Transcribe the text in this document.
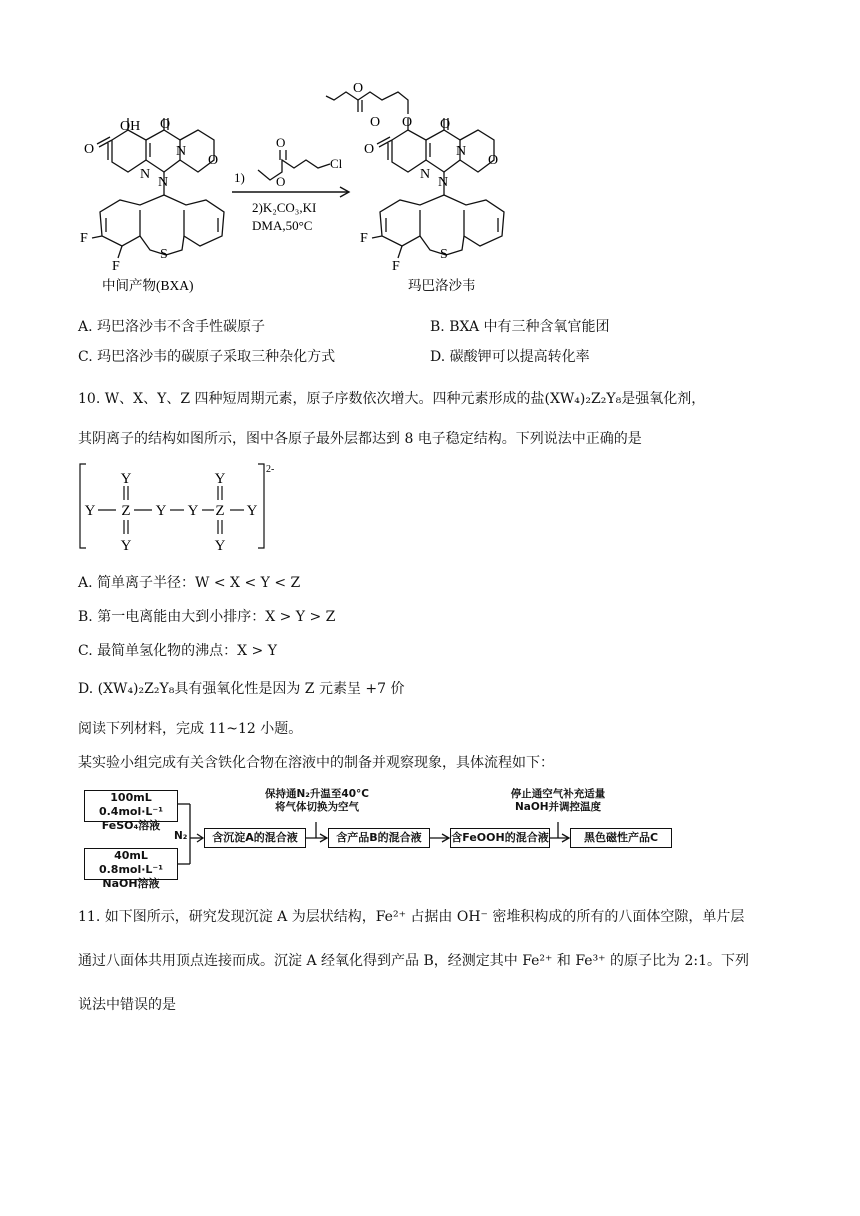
OH O
O	N
N
N
O
F
F
S
1)
O
O
Cl
2)K₂CO₃,KI
DMA,50°C
O
O O O
O	N
N
N
O
F
F
S
中间产物(BXA)	玛巴洛沙韦
A. 玛巴洛沙韦不含手性碳原子	B. BXA 中有三种含氧官能团
C. 玛巴洛沙韦的碳原子采取三种杂化方式	D. 碳酸钾可以提高转化率
10. W、X、Y、Z 四种短周期元素，原子序数依次增大。四种元素形成的盐(XW₄)₂Z₂Y₈是强氧化剂，
其阴离子的结构如图所示，图中各原子最外层都达到 8 电子稳定结构。下列说法中正确的是
Y
Y Z Y Y Z Y
Y
Y
Y
2-
A. 简单离子半径：W < X < Y < Z
B. 第一电离能由大到小排序：X > Y > Z
C. 最简单氢化物的沸点：X > Y
D. (XW₄)₂Z₂Y₈具有强氧化性是因为 Z 元素呈 +7 价
阅读下列材料，完成 11~12 小题。
某实验小组完成有关含铁化合物在溶液中的制备并观察现象，具体流程如下：
100mL 0.4mol·L⁻¹
FeSO₄溶液
40mL 0.8mol·L⁻¹
NaOH溶液
N₂	含沉淀A的混合液
保持通N₂升温至40°C
将气体切换为空气
含产品B的混合液	含FeOOH的混合液
停止通空气补充适量
NaOH并调控温度
黑色磁性产品C
11. 如下图所示，研究发现沉淀 A 为层状结构，Fe²⁺ 占据由 OH⁻ 密堆积构成的所有的八面体空隙，单片层
通过八面体共用顶点连接而成。沉淀 A 经氧化得到产品 B，经测定其中 Fe²⁺ 和 Fe³⁺ 的原子比为 2:1。下列
说法中错误的是
